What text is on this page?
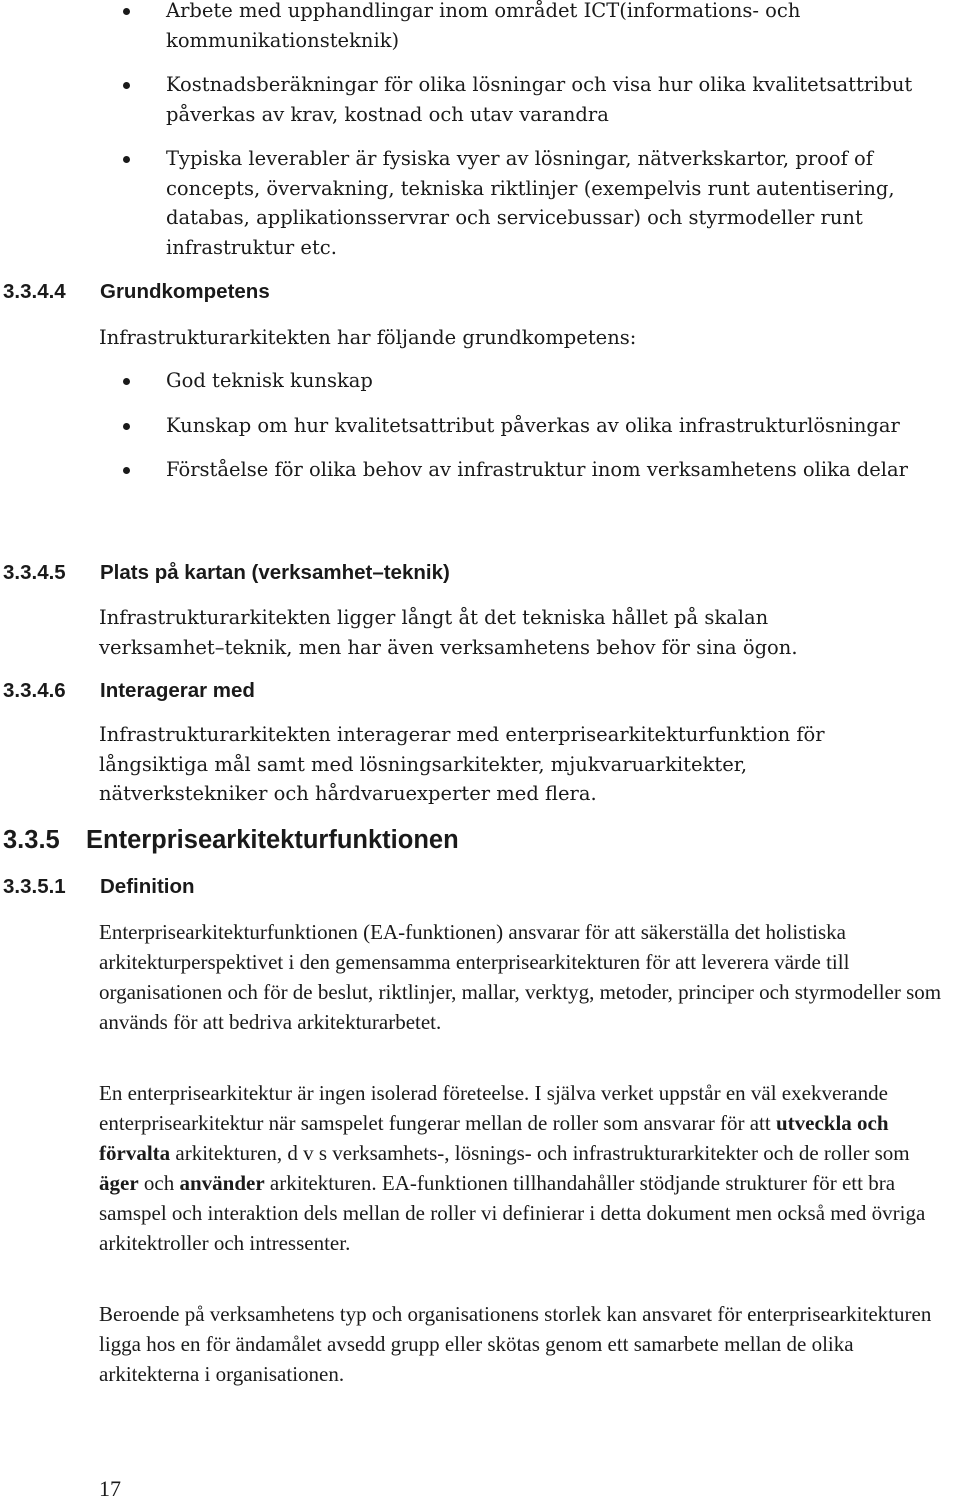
Arbete med upphandlingar inom området ICT(informations- och kommunikationsteknik)
Kostnadsberäkningar för olika lösningar och visa hur olika kvalitetsattribut påverkas av krav, kostnad och utav varandra
Typiska leverabler är fysiska vyer av lösningar, nätverkskartor, proof of concepts, övervakning, tekniska riktlinjer (exempelvis runt autentisering, databas, applikationsservrar och servicebussar) och styrmodeller runt infrastruktur etc.
3.3.4.4 Grundkompetens

Infrastrukturarkitekten har följande grundkompetens:

God teknisk kunskap
Kunskap om hur kvalitetsattribut påverkas av olika infrastrukturlösningar
Förståelse för olika behov av infrastruktur inom verksamhetens olika delar
3.3.4.5 Plats på kartan (verksamhet–teknik)

Infrastrukturarkitekten ligger långt åt det tekniska hållet på skalan verksamhet–teknik, men har även verksamhetens behov för sina ögon.

3.3.4.6 Interagerar med

Infrastrukturarkitekten interagerar med enterprisearkitekturfunktion för långsiktiga mål samt med lösningsarkitekter, mjukvaruarkitekter, nätverkstekniker och hårdvaruexperter med flera.

3.3.5 Enterprisearkitekturfunktionen
3.3.5.1 Definition

Enterprisearkitekturfunktionen (EA-funktionen) ansvarar för att säkerställa det holistiska arkitekturperspektivet i den gemensamma enterprisearkitekturen för att leverera värde till organisationen och för de beslut, riktlinjer, mallar, verktyg, metoder, principer och styrmodeller som används för att bedriva arkitekturarbetet.

En enterprisearkitektur är ingen isolerad företeelse. I själva verket uppstår en väl exekverande enterprisearkitektur när samspelet fungerar mellan de roller som ansvarar för att utveckla och förvalta arkitekturen, d v s verksamhets-, lösnings- och infrastrukturarkitekter och de roller som äger och använder arkitekturen. EA-funktionen tillhandahåller stödjande strukturer för ett bra samspel och interaktion dels mellan de roller vi definierar i detta dokument men också med övriga arkitektroller och intressenter.

Beroende på verksamhetens typ och organisationens storlek kan ansvaret för enterprisearkitekturen ligga hos en för ändamålet avsedd grupp eller skötas genom ett samarbete mellan de olika arkitekterna i organisationen.

17
